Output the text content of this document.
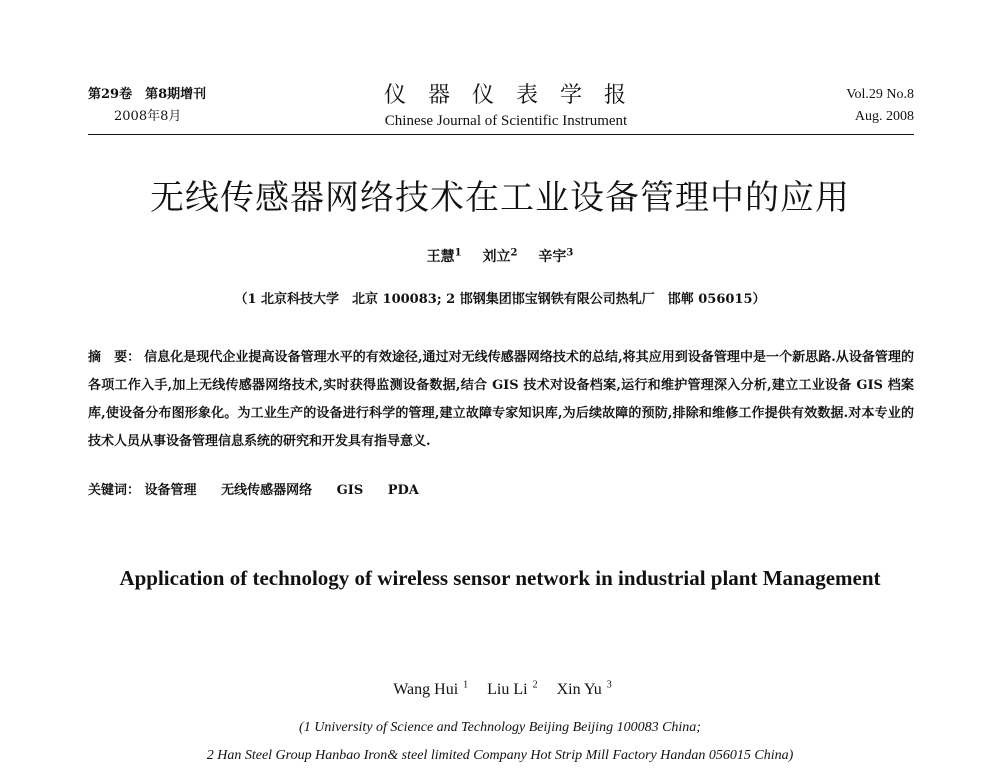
第29卷　第8期增刊
2008年8月
仪器仪表学报
Chinese Journal of Scientific Instrument
Vol.29 No.8
Aug. 2008
无线传感器网络技术在工业设备管理中的应用
王慧$^1$ 刘立$^2$ 辛宇$^3$
（1 北京科技大学　北京 100083; 2 邯钢集团邯宝钢铁有限公司热轧厂　邯郸 056015）
摘　要： 信息化是现代企业提高设备管理水平的有效途径,通过对无线传感器网络技术的总结,将其应用到设备管理中是一个新思路.从设备管理的各项工作入手,加上无线传感器网络技术,实时获得监测设备数据,结合 GIS 技术对设备档案,运行和维护管理深入分析,建立工业设备 GIS 档案库,使设备分布图形象化。为工业生产的设备进行科学的管理,建立故障专家知识库,为后续故障的预防,排除和维修工作提供有效数据.对本专业的技术人员从事设备管理信息系统的研究和开发具有指导意义.
关键词： 设备管理 无线传感器网络 GIS PDA
Application of technology of wireless sensor network in industrial plant Management
Wang Hui $^1$ Liu Li $^2$ Xin Yu $^3$
(1 University of Science and Technology Beijing Beijing 100083 China;
2 Han Steel Group Hanbao Iron& steel limited Company Hot Strip Mill Factory Handan 056015 China)
